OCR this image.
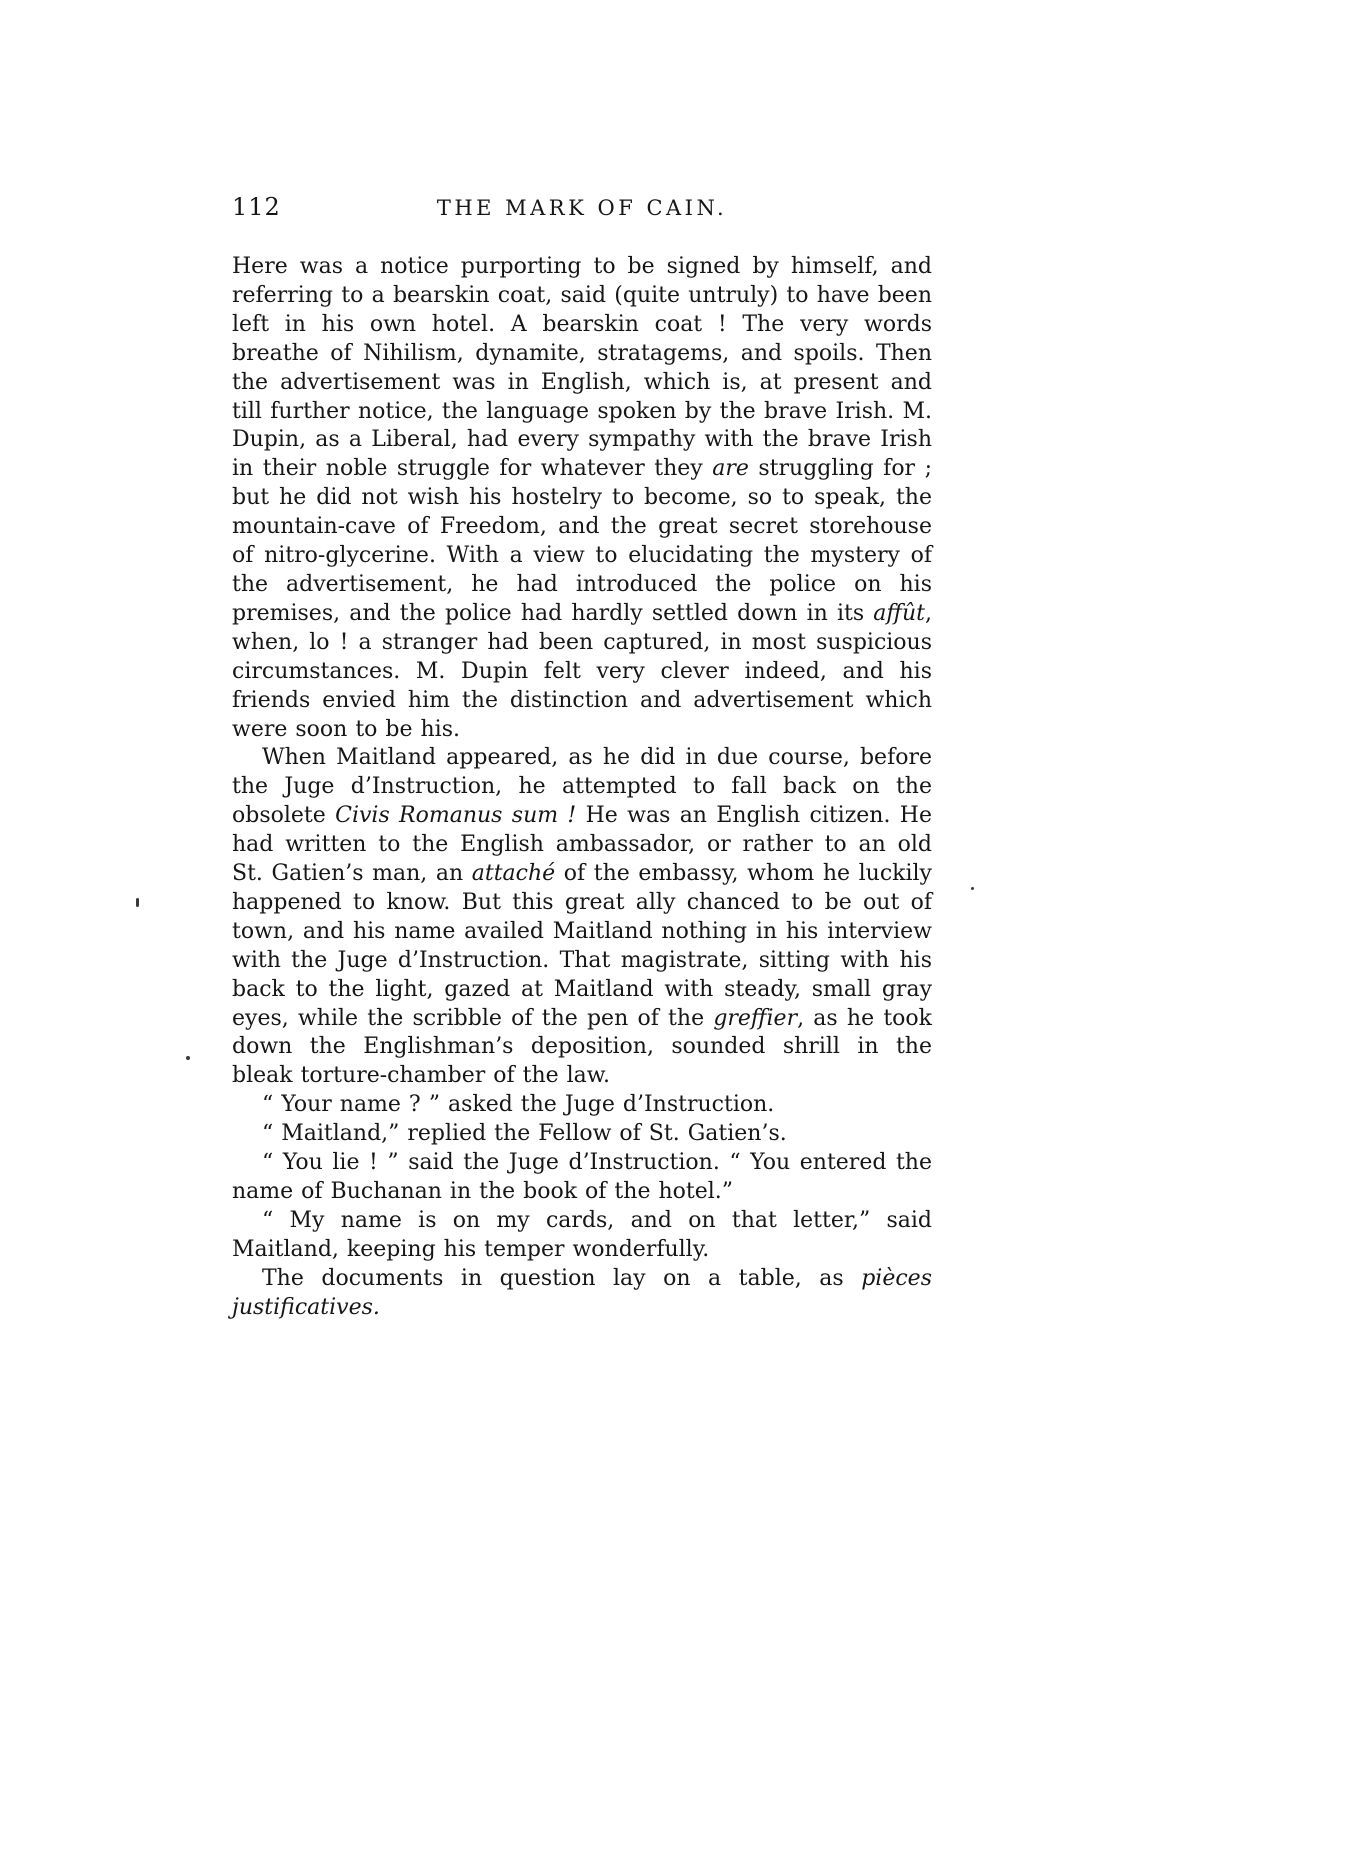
112	THE MARK OF CAIN.

Here was a notice purporting to be signed by himself, and referring to a bearskin coat, said (quite untruly) to have been left in his own hotel. A bearskin coat ! The very words breathe of Nihilism, dynamite, stratagems, and spoils. Then the advertisement was in English, which is, at present and till further notice, the language spoken by the brave Irish. M. Dupin, as a Liberal, had every sympathy with the brave Irish in their noble struggle for whatever they are struggling for ; but he did not wish his hostelry to become, so to speak, the mountain-cave of Freedom, and the great secret storehouse of nitro-glycerine. With a view to elucidating the mystery of the advertisement, he had introduced the police on his premises, and the police had hardly settled down in its affût, when, lo ! a stranger had been captured, in most suspicious circumstances. M. Dupin felt very clever indeed, and his friends envied him the distinction and advertisement which were soon to be his.

When Maitland appeared, as he did in due course, before the Juge d’Instruction, he attempted to fall back on the obsolete Civis Romanus sum ! He was an English citizen. He had written to the English ambassador, or rather to an old St. Gatien’s man, an attaché of the embassy, whom he luckily happened to know. But this great ally chanced to be out of town, and his name availed Maitland nothing in his interview with the Juge d’Instruction. That magistrate, sitting with his back to the light, gazed at Maitland with steady, small gray eyes, while the scribble of the pen of the greffier, as he took down the Englishman’s deposition, sounded shrill in the bleak torture-chamber of the law.

“ Your name ? ” asked the Juge d’Instruction.

“ Maitland,” replied the Fellow of St. Gatien’s.

“ You lie ! ” said the Juge d’Instruction. “ You entered the name of Buchanan in the book of the hotel.”

“ My name is on my cards, and on that letter,” said Maitland, keeping his temper wonderfully.

The documents in question lay on a table, as pièces justificatives.
